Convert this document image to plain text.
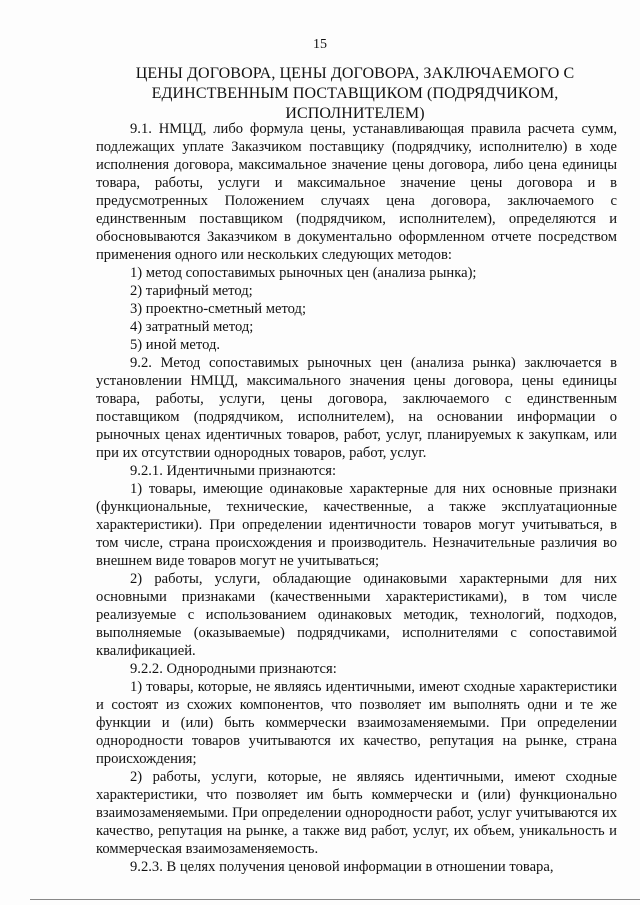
15
ЦЕНЫ ДОГОВОРА, ЦЕНЫ ДОГОВОРА, ЗАКЛЮЧАЕМОГО С
ЕДИНСТВЕННЫМ ПОСТАВЩИКОМ (ПОДРЯДЧИКОМ, ИСПОЛНИТЕЛЕМ)

9.1. НМЦД, либо формула цены, устанавливающая правила расчета сумм, подлежащих уплате Заказчиком поставщику (подрядчику, исполнителю) в ходе исполнения договора, максимальное значение цены договора, либо цена единицы товара, работы, услуги и максимальное значение цены договора и в предусмотренных Положением случаях цена договора, заключаемого с единственным поставщиком (подрядчиком, исполнителем), определяются и обосновываются Заказчиком в документально оформленном отчете посредством применения одного или нескольких следующих методов:

1) метод сопоставимых рыночных цен (анализа рынка);

2) тарифный метод;

3) проектно-сметный метод;

4) затратный метод;

5) иной метод.

9.2. Метод сопоставимых рыночных цен (анализа рынка) заключается в установлении НМЦД, максимального значения цены договора, цены единицы товара, работы, услуги, цены договора, заключаемого с единственным поставщиком (подрядчиком, исполнителем), на основании информации о рыночных ценах идентичных товаров, работ, услуг, планируемых к закупкам, или при их отсутствии однородных товаров, работ, услуг.

9.2.1. Идентичными признаются:

1) товары, имеющие одинаковые характерные для них основные признаки (функциональные, технические, качественные, а также эксплуатационные характеристики). При определении идентичности товаров могут учитываться, в том числе, страна происхождения и производитель. Незначительные различия во внешнем виде товаров могут не учитываться;

2) работы, услуги, обладающие одинаковыми характерными для них основными признаками (качественными характеристиками), в том числе реализуемые с использованием одинаковых методик, технологий, подходов, выполняемые (оказываемые) подрядчиками, исполнителями с сопоставимой квалификацией.

9.2.2. Однородными признаются:

1) товары, которые, не являясь идентичными, имеют сходные характеристики и состоят из схожих компонентов, что позволяет им выполнять одни и те же функции и (или) быть коммерчески взаимозаменяемыми. При определении однородности товаров учитываются их качество, репутация на рынке, страна происхождения;

2) работы, услуги, которые, не являясь идентичными, имеют сходные характеристики, что позволяет им быть коммерчески и (или) функционально взаимозаменяемыми. При определении однородности работ, услуг учитываются их качество, репутация на рынке, а также вид работ, услуг, их объем, уникальность и коммерческая взаимозаменяемость.

9.2.3. В целях получения ценовой информации в отношении товара,
